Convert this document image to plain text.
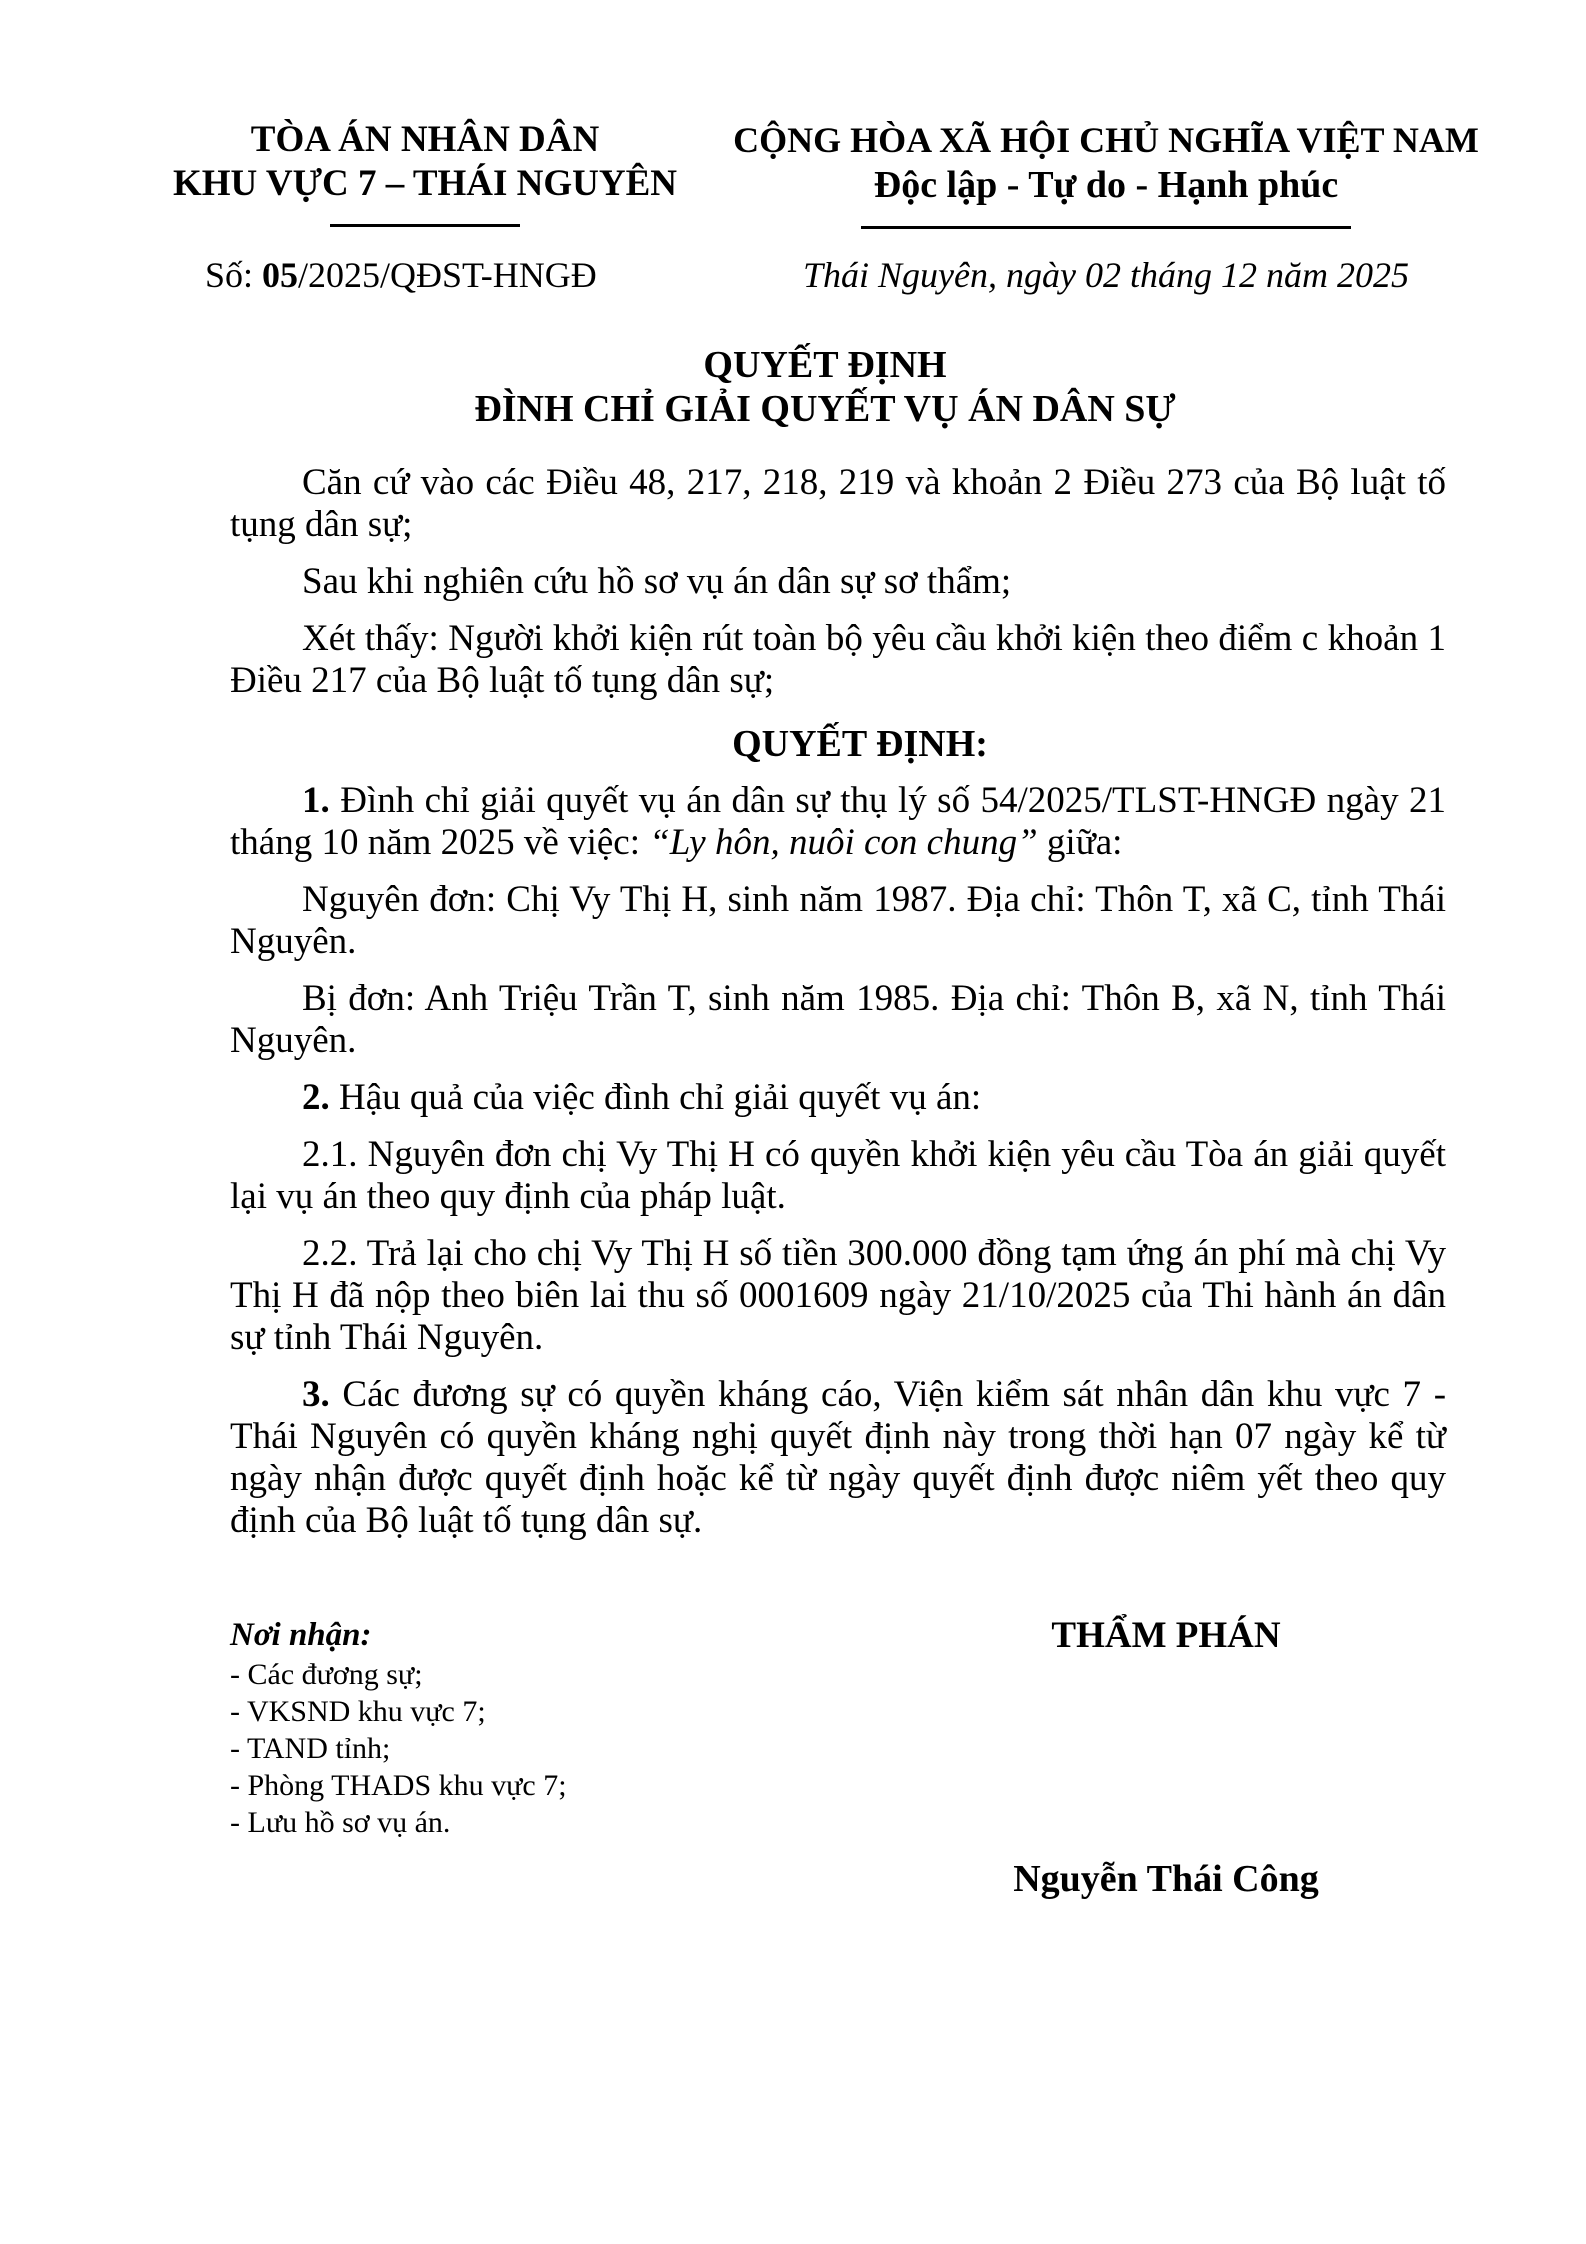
TÒA ÁN NHÂN DÂN
KHU VỰC 7 – THÁI NGUYÊN
Số: 05/2025/QĐST-HNGĐ
CỘNG HÒA XÃ HỘI CHỦ NGHĨA VIỆT NAM
Độc lập - Tự do - Hạnh phúc
Thái Nguyên, ngày 02 tháng 12 năm 2025
QUYẾT ĐỊNH
ĐÌNH CHỈ GIẢI QUYẾT VỤ ÁN DÂN SỰ

Căn cứ vào các Điều 48, 217, 218, 219 và khoản 2 Điều 273 của Bộ luật tố tụng dân sự;

Sau khi nghiên cứu hồ sơ vụ án dân sự sơ thẩm;

Xét thấy: Người khởi kiện rút toàn bộ yêu cầu khởi kiện theo điểm c khoản 1 Điều 217 của Bộ luật tố tụng dân sự;

QUYẾT ĐỊNH:

1. Đình chỉ giải quyết vụ án dân sự thụ lý số 54/2025/TLST-HNGĐ ngày 21 tháng 10 năm 2025 về việc: “Ly hôn, nuôi con chung” giữa:

Nguyên đơn: Chị Vy Thị H, sinh năm 1987. Địa chỉ: Thôn T, xã C, tỉnh Thái Nguyên.

Bị đơn: Anh Triệu Trần T, sinh năm 1985. Địa chỉ: Thôn B, xã N, tỉnh Thái Nguyên.

2. Hậu quả của việc đình chỉ giải quyết vụ án:

2.1. Nguyên đơn chị Vy Thị H có quyền khởi kiện yêu cầu Tòa án giải quyết lại vụ án theo quy định của pháp luật.

2.2. Trả lại cho chị Vy Thị H số tiền 300.000 đồng tạm ứng án phí mà chị Vy Thị H đã nộp theo biên lai thu số 0001609 ngày 21/10/2025 của Thi hành án dân sự tỉnh Thái Nguyên.

3. Các đương sự có quyền kháng cáo, Viện kiểm sát nhân dân khu vực 7 - Thái Nguyên có quyền kháng nghị quyết định này trong thời hạn 07 ngày kể từ ngày nhận được quyết định hoặc kể từ ngày quyết định được niêm yết theo quy định của Bộ luật tố tụng dân sự.

Nơi nhận:
- Các đương sự;
- VKSND khu vực 7;
- TAND tỉnh;
- Phòng THADS khu vực 7;
- Lưu hồ sơ vụ án.
THẨM PHÁN
Nguyễn Thái Công
